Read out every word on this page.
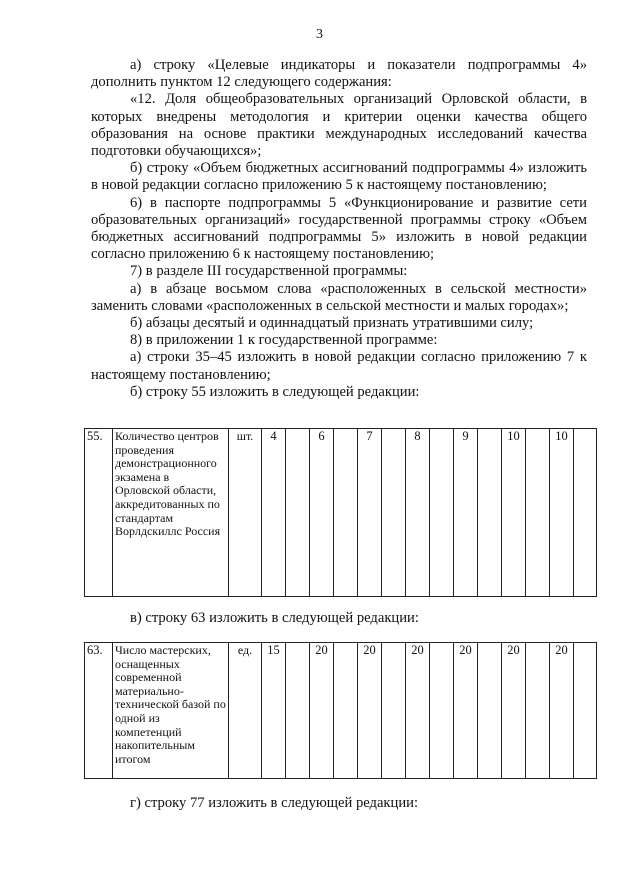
3

а) строку «Целевые индикаторы и показатели подпрограммы 4» дополнить пунктом 12 следующего содержания:

«12. Доля общеобразовательных организаций Орловской области, в которых внедрены методология и критерии оценки качества общего образования на основе практики международных исследований качества подготовки обучающихся»;

б) строку «Объем бюджетных ассигнований подпрограммы 4» изложить в новой редакции согласно приложению 5 к настоящему постановлению;

6) в паспорте подпрограммы 5 «Функционирование и развитие сети образовательных организаций» государственной программы строку «Объем бюджетных ассигнований подпрограммы 5» изложить в новой редакции согласно приложению 6 к настоящему постановлению;

7) в разделе III государственной программы:

а) в абзаце восьмом слова «расположенных в сельской местности» заменить словами «расположенных в сельской местности и малых городах»;

б) абзацы десятый и одиннадцатый признать утратившими силу;

8) в приложении 1 к государственной программе:

а) строки 35–45 изложить в новой редакции согласно приложению 7 к настоящему постановлению;

б) строку 55 изложить в следующей редакции:

55.	Количество центров проведения демонстрационного экзамена в Орловской области, аккредитованных по стандартам Ворлдскиллс Россия	шт.	4		6		7		8		9		10		10	

в) строку 63 изложить в следующей редакции:

63.	Число мастерских, оснащенных современной материально-технической базой по одной из компетенций накопительным итогом	ед.	15		20		20		20		20		20		20	

г) строку 77 изложить в следующей редакции:
